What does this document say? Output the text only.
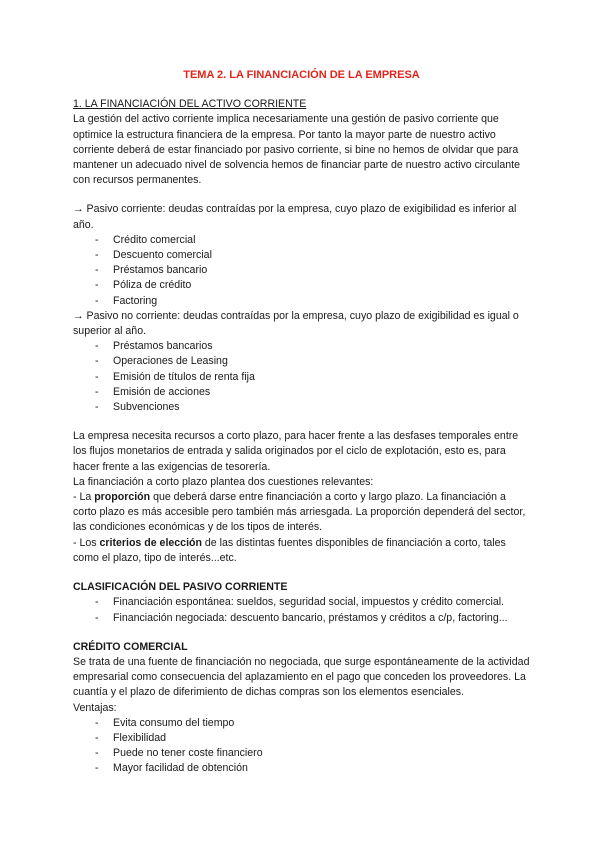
TEMA 2. LA FINANCIACIÓN DE LA EMPRESA

1. LA FINANCIACIÓN DEL ACTIVO CORRIENTE

La gestión del activo corriente implica necesariamente una gestión de pasivo corriente que optimice la estructura financiera de la empresa. Por tanto la mayor parte de nuestro activo corriente deberá de estar financiado por pasivo corriente, si bine no hemos de olvidar que para mantener un adecuado nivel de solvencia hemos de financiar parte de nuestro activo circulante con recursos permanentes.

→ Pasivo corriente: deudas contraídas por la empresa, cuyo plazo de exigibilidad es inferior al año.

- Crédito comercial
- Descuento comercial
- Préstamos bancario
- Póliza de crédito
- Factoring

→ Pasivo no corriente: deudas contraídas por la empresa, cuyo plazo de exigibilidad es igual o superior al año.

- Préstamos bancarios
- Operaciones de Leasing
- Emisión de títulos de renta fija
- Emisión de acciones
- Subvenciones

La empresa necesita recursos a corto plazo, para hacer frente a las desfases temporales entre los flujos monetarios de entrada y salida originados por el ciclo de explotación, esto es, para hacer frente a las exigencias de tesorería.

La financiación a corto plazo plantea dos cuestiones relevantes:

- La proporción que deberá darse entre financiación a corto y largo plazo. La financiación a corto plazo es más accesible pero también más arriesgada. La proporción dependerá del sector, las condiciones económicas y de los tipos de interés.

- Los criterios de elección de las distintas fuentes disponibles de financiación a corto, tales como el plazo, tipo de interés...etc.

CLASIFICACIÓN DEL PASIVO CORRIENTE

- Financiación espontánea: sueldos, seguridad social, impuestos y crédito comercial.
- Financiación negociada: descuento bancario, préstamos y créditos a c/p, factoring...

CRÉDITO COMERCIAL

Se trata de una fuente de financiación no negociada, que surge espontáneamente de la actividad empresarial como consecuencia del aplazamiento en el pago que conceden los proveedores. La cuantía y el plazo de diferimiento de dichas compras son los elementos esenciales.

Ventajas:

- Evita consumo del tiempo
- Flexibilidad
- Puede no tener coste financiero
- Mayor facilidad de obtención
